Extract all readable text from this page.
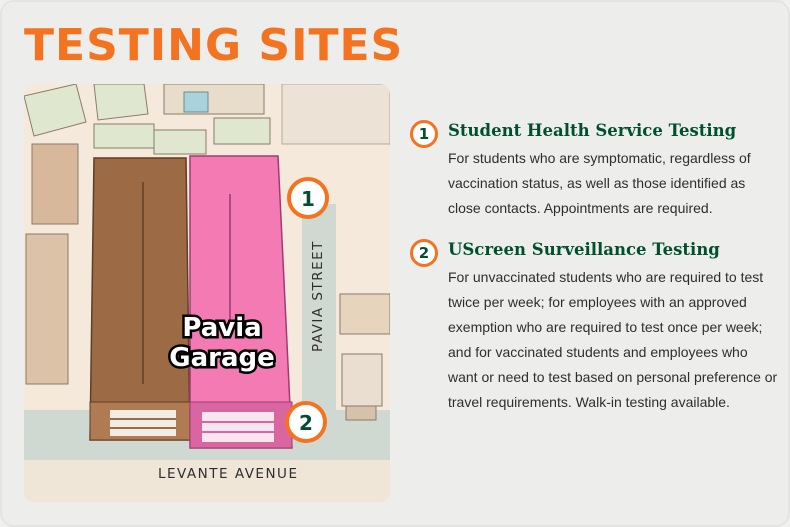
TESTING SITES
Pavia
Garage
PAVIA STREET
LEVANTE AVENUE
1
2
1	Student Health Service Testing

For students who are symptomatic, regardless of vaccination status, as well as those identified as close contacts. Appointments are required.

2	UScreen Surveillance Testing

For unvaccinated students who are required to test twice per week; for employees with an approved exemption who are required to test once per week; and for vaccinated students and employees who want or need to test based on personal preference or travel requirements. Walk-in testing available.
